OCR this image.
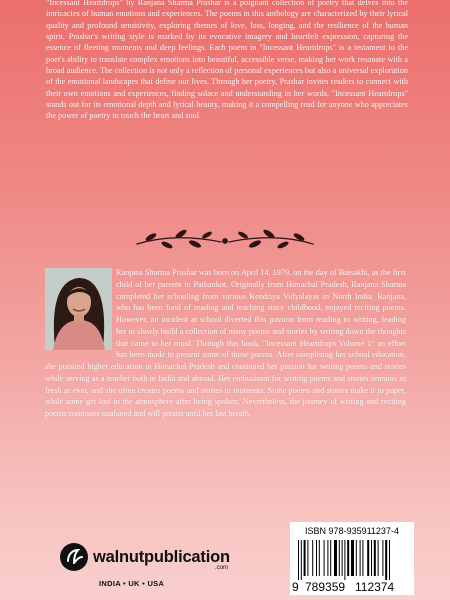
"Incessant Heartdrops" by Ranjana Sharma Prashar is a poignant collection of poetry that delves into the intricacies of human emotions and experiences. The poems in this anthology are characterized by their lyrical quality and profound sensitivity, exploring themes of love, loss, longing, and the resilience of the human spirit. Prashar's writing style is marked by its evocative imagery and heartfelt expression, capturing the essence of fleeting moments and deep feelings. Each poem in "Incessant Heartdrops" is a testament to the poet's ability to translate complex emotions into beautiful, accessible verse, making her work resonate with a broad audience. The collection is not only a reflection of personal experiences but also a universal exploration of the emotional landscapes that define our lives. Through her poetry, Prashar invites readers to connect with their own emotions and experiences, finding solace and understanding in her words. "Incessant Heartdrops" stands out for its emotional depth and lyrical beauty, making it a compelling read for anyone who appreciates the power of poetry to touch the heart and soul.
Ranjana Sharma Prashar was born on April 14, 1979, on the day of Baisakhi, as the first child of her parents in Pathankot. Originally from Himachal Pradesh, Ranjana Sharma completed her schooling from various Kendriya Vidyalayas in North India. Ranjana, who has been fond of reading and teaching since childhood, enjoyed reciting poems. However, an incident at school diverted this passion from reading to writing, leading her to slowly build a collection of many poems and stories by writing down the thoughts that came to her mind. Through this book, "Incessant Heartdrops Volume 1" an effort has been made to present some of those poems. After completing her school education, she pursued higher education in Himachal Pradesh and continued her passion for writing poems and stories while serving as a teacher both in India and abroad. Her enthusiasm for writing poems and stories remains as fresh as ever, and she often creates poems and stories in moments. Some poems and stories make it to paper, while some get lost in the atmosphere after being spoken. Nevertheless, the journey of writing and reciting poems continues unabated and will persist until her last breath.
walnutpublication
.com
INDIA • UK • USA
ISBN 978-935911237-4
9 789359 112374
